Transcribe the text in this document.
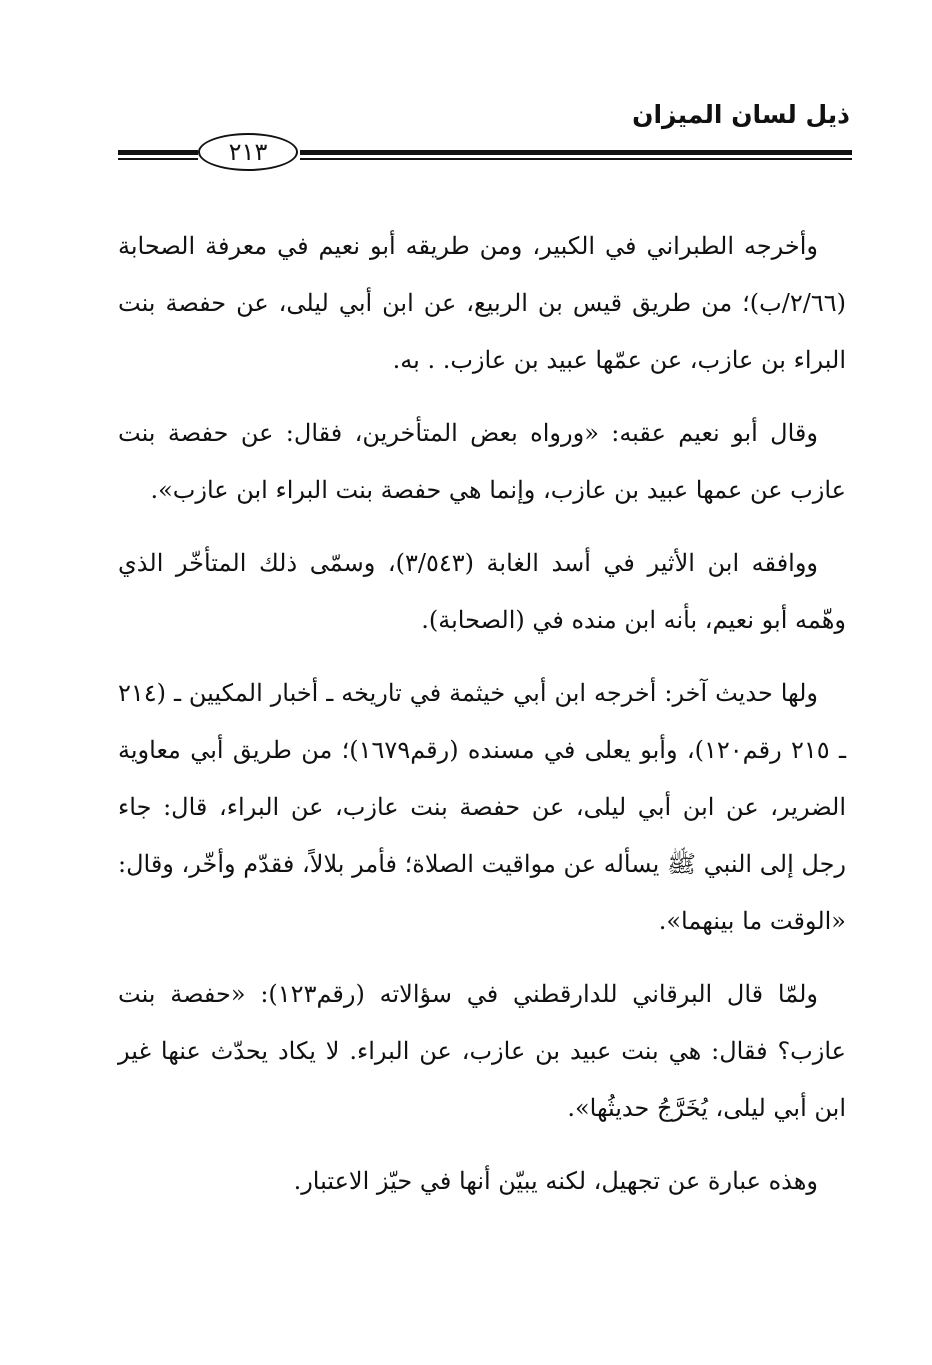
ذيل لسان الميزان
٢١٣

وأخرجه الطبراني في الكبير، ومن طريقه أبو نعيم في معرفة الصحابة (٢/٦٦/ب)؛ من طريق قيس بن الربيع، عن ابن أبي ليلى، عن حفصة بنت البراء بن عازب، عن عمّها عبيد بن عازب. . به.

وقال أبو نعيم عقبه: «ورواه بعض المتأخرين، فقال: عن حفصة بنت عازب عن عمها عبيد بن عازب، وإنما هي حفصة بنت البراء ابن عازب».

ووافقه ابن الأثير في أسد الغابة (٣/٥٤٣)، وسمّى ذلك المتأخّر الذي وهّمه أبو نعيم، بأنه ابن منده في (الصحابة).

ولها حديث آخر: أخرجه ابن أبي خيثمة في تاريخه ـ أخبار المكيين ـ (٢١٤ ـ ٢١٥ رقم١٢٠)، وأبو يعلى في مسنده (رقم١٦٧٩)؛ من طريق أبي معاوية الضرير، عن ابن أبي ليلى، عن حفصة بنت عازب، عن البراء، قال: جاء رجل إلى النبي ﷺ يسأله عن مواقيت الصلاة؛ فأمر بلالاً، فقدّم وأخّر، وقال: «الوقت ما بينهما».

ولمّا قال البرقاني للدارقطني في سؤالاته (رقم١٢٣): «حفصة بنت عازب؟ فقال: هي بنت عبيد بن عازب، عن البراء. لا يكاد يحدّث عنها غير ابن أبي ليلى، يُخَرَّجُ حديثُها».

وهذه عبارة عن تجهيل، لكنه يبيّن أنها في حيّز الاعتبار.
